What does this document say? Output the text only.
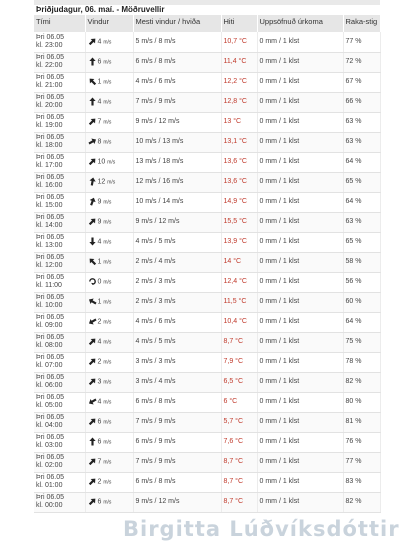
Þriðjudagur, 06. maí. - Möðruvellir
Tími	Vindur	Mesti vindur / hviða	Hiti	Uppsöfnuð úrkoma	Raka-stig

Þri 06.05
kl. 23:00	4 m/s	5 m/s / 8 m/s	10,7 °C	0 mm / 1 klst	77 %

Þri 06.05
kl. 22:00	6 m/s	6 m/s / 8 m/s	11,4 °C	0 mm / 1 klst	72 %

Þri 06.05
kl. 21:00	1 m/s	4 m/s / 6 m/s	12,2 °C	0 mm / 1 klst	67 %

Þri 06.05
kl. 20:00	4 m/s	7 m/s / 9 m/s	12,8 °C	0 mm / 1 klst	66 %

Þri 06.05
kl. 19:00	7 m/s	9 m/s / 12 m/s	13 °C	0 mm / 1 klst	63 %

Þri 06.05
kl. 18:00	8 m/s	10 m/s / 13 m/s	13,1 °C	0 mm / 1 klst	63 %

Þri 06.05
kl. 17:00	10 m/s	13 m/s / 18 m/s	13,6 °C	0 mm / 1 klst	64 %

Þri 06.05
kl. 16:00	12 m/s	12 m/s / 16 m/s	13,6 °C	0 mm / 1 klst	65 %

Þri 06.05
kl. 15:00	9 m/s	10 m/s / 14 m/s	14,9 °C	0 mm / 1 klst	64 %

Þri 06.05
kl. 14:00	9 m/s	9 m/s / 12 m/s	15,5 °C	0 mm / 1 klst	63 %

Þri 06.05
kl. 13:00	4 m/s	4 m/s / 5 m/s	13,9 °C	0 mm / 1 klst	65 %

Þri 06.05
kl. 12:00	1 m/s	2 m/s / 4 m/s	14 °C	0 mm / 1 klst	58 %

Þri 06.05
kl. 11:00	0 m/s	2 m/s / 3 m/s	12,4 °C	0 mm / 1 klst	56 %

Þri 06.05
kl. 10:00	1 m/s	2 m/s / 3 m/s	11,5 °C	0 mm / 1 klst	60 %

Þri 06.05
kl. 09:00	2 m/s	4 m/s / 6 m/s	10,4 °C	0 mm / 1 klst	64 %

Þri 06.05
kl. 08:00	4 m/s	4 m/s / 5 m/s	8,7 °C	0 mm / 1 klst	75 %

Þri 06.05
kl. 07:00	2 m/s	3 m/s / 3 m/s	7,9 °C	0 mm / 1 klst	78 %

Þri 06.05
kl. 06:00	3 m/s	3 m/s / 4 m/s	6,5 °C	0 mm / 1 klst	82 %

Þri 06.05
kl. 05:00	4 m/s	6 m/s / 8 m/s	6 °C	0 mm / 1 klst	80 %

Þri 06.05
kl. 04:00	6 m/s	7 m/s / 9 m/s	5,7 °C	0 mm / 1 klst	81 %

Þri 06.05
kl. 03:00	6 m/s	6 m/s / 9 m/s	7,6 °C	0 mm / 1 klst	76 %

Þri 06.05
kl. 02:00	7 m/s	7 m/s / 9 m/s	8,7 °C	0 mm / 1 klst	77 %

Þri 06.05
kl. 01:00	2 m/s	6 m/s / 8 m/s	8,7 °C	0 mm / 1 klst	83 %

Þri 06.05
kl. 00:00	6 m/s	9 m/s / 12 m/s	8,7 °C	0 mm / 1 klst	82 %
Birgitta Lúðvíksdóttir
